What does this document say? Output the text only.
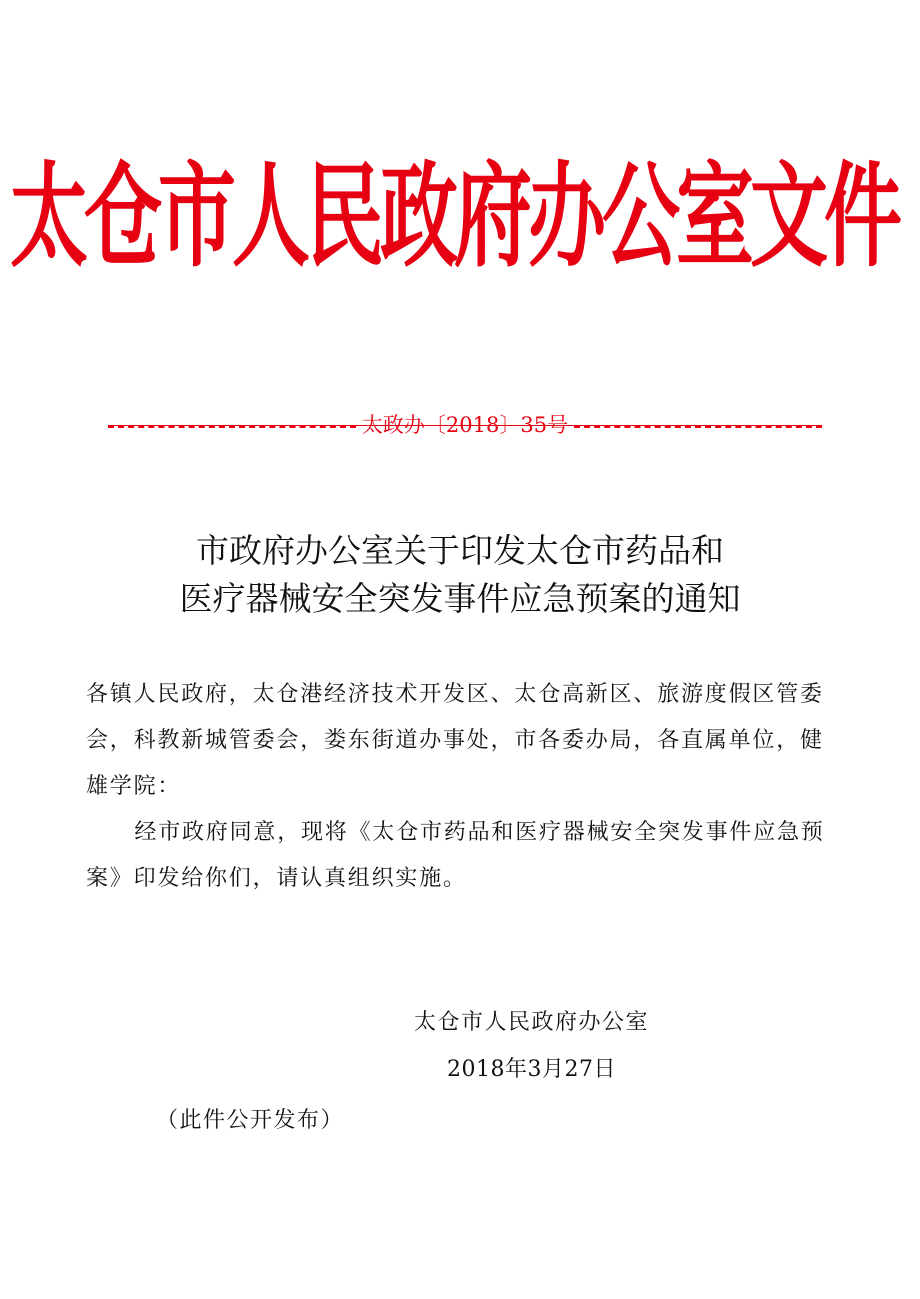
太仓市人民政府办公室文件
太政办〔2018〕35号
市政府办公室关于印发太仓市药品和
医疗器械安全突发事件应急预案的通知
各镇人民政府，太仓港经济技术开发区、太仓高新区、旅游度假区管委会，科教新城管委会，娄东街道办事处，市各委办局，各直属单位，健雄学院：
经市政府同意，现将《太仓市药品和医疗器械安全突发事件应急预案》印发给你们，请认真组织实施。
太仓市人民政府办公室
2018年3月27日
（此件公开发布）
